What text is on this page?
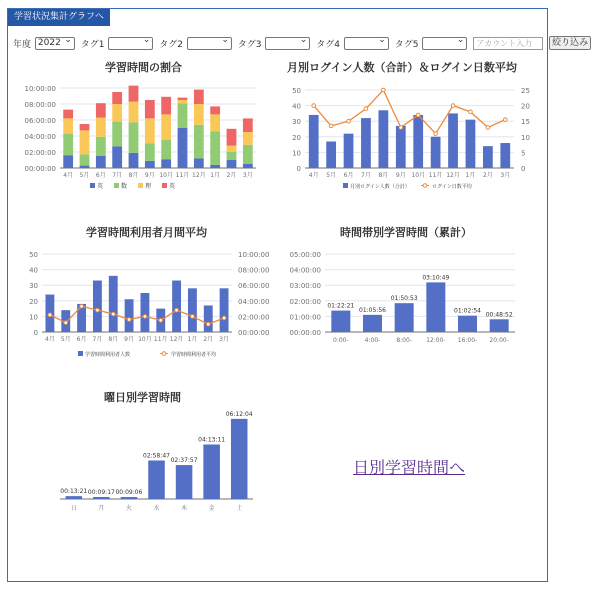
学習状況集計グラフへ
年度 2022 ⌄ タグ1 ⌄	タグ2 ⌄	タグ3 ⌄	タグ4 ⌄	タグ5 ⌄	アカウント入力 絞り込み
学習時間の割合	月別ログイン人数（合計）＆ログイン日数平均
学習時間利用者月間平均	時間帯別学習時間（累計）
曜日別学習時間
00:00:00
02:00:00
04:00:00
06:00:00
08:00:00
10:00:00
4月 5月 6月 7月 8月 9月 10月 11月 12月 1月 2月 3月
英	数	理	英
0
10
20
30
40
50
0
5
10
15
20
25
4月 5月 6月 7月 8月 9月 10月 11月 12月 1月 2月 3月
月別ログイン人数（合計）	ログイン日数平均
0
10
20
30
40
50
00:00:00
02:00:00
04:00:00
06:00:00
08:00:00
10:00:00
4月 5月 6月 7月 8月 9月 10月 11月 12月 1月 2月 3月
学習時間利用者人数	学習時間利用者平均
00:00:00
01:00:00
02:00:00
03:00:00
04:00:00
05:00:00
01:22:21
01:05:56
01:50:53
03:10:49
01:02:54
00:48:52
0:00-	4:00-	8:00- 12:00- 16:00- 20:00-
00:13:21 00:09:17 00:09:06
02:58:47
02:37:57
04:13:11
06:12:04
日	月	火	水	木	金	土
日別学習時間へ
